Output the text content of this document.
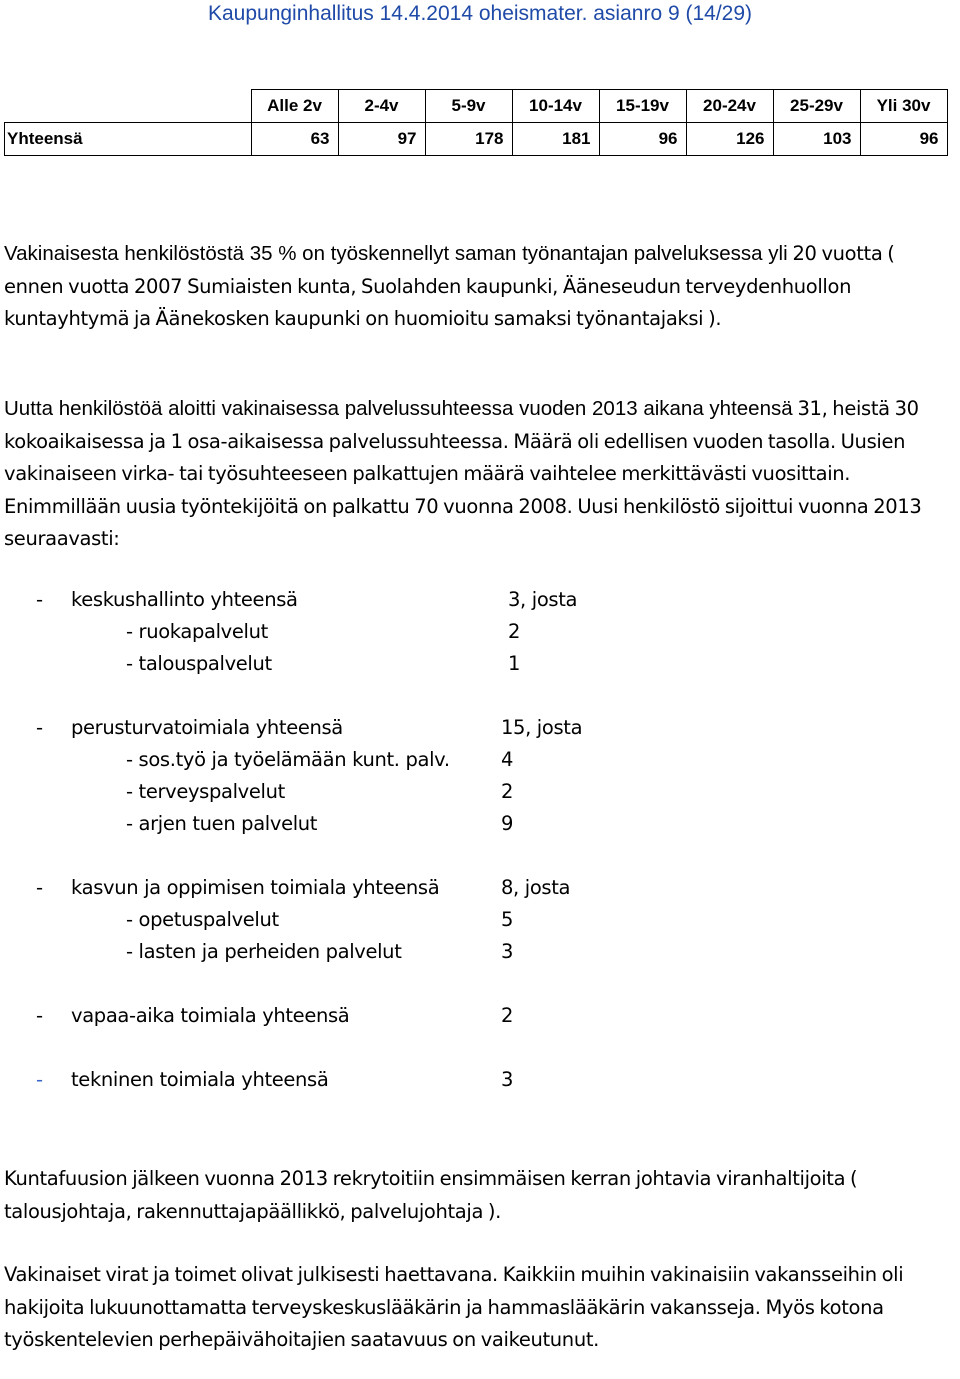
Kaupunginhallitus 14.4.2014 oheismater. asianro 9 (14/29)
	Alle 2v	2-4v	5-9v	10-14v	15-19v	20-24v	25-29v	Yli 30v
Yhteensä	63	97	178	181	96	126	103	96
Vakinaisesta henkilöstöstä 35 % on työskennellyt saman työnantajan palveluksessa yli 20 vuotta ( ennen vuotta 2007 Sumiaisten kunta, Suolahden kaupunki, Ääneseudun terveydenhuollon kuntayhtymä ja Äänekosken kaupunki on huomioitu samaksi työnantajaksi ).
Uutta henkilöstöä aloitti vakinaisessa palvelussuhteessa vuoden 2013 aikana yhteensä 31, heistä 30 kokoaikaisessa ja 1 osa-aikaisessa palvelussuhteessa. Määrä oli edellisen vuoden tasolla. Uusien vakinaiseen virka- tai työsuhteeseen palkattujen määrä vaihtelee merkittävästi vuosittain. Enimmillään uusia työntekijöitä on palkattu 70 vuonna 2008. Uusi henkilöstö sijoittui vuonna 2013 seuraavasti:
- keskushallinto yhteensä	3, josta
- ruokapalvelut	2
- talouspalvelut	1
- perusturvatoimiala yhteensä	15, josta
- sos.työ ja työelämään kunt. palv.	4
- terveyspalvelut	2
- arjen tuen palvelut	9
- kasvun ja oppimisen toimiala yhteensä	8, josta
- opetuspalvelut	5
- lasten ja perheiden palvelut	3
- vapaa-aika toimiala yhteensä	2
- tekninen toimiala yhteensä	3
Kuntafuusion jälkeen vuonna 2013 rekrytoitiin ensimmäisen kerran johtavia viranhaltijoita ( talousjohtaja, rakennuttajapäällikkö, palvelujohtaja ).
Vakinaiset virat ja toimet olivat julkisesti haettavana. Kaikkiin muihin vakinaisiin vakansseihin oli hakijoita lukuunottamatta terveyskeskuslääkärin ja hammaslääkärin vakansseja. Myös kotona työskentelevien perhepäivähoitajien saatavuus on vaikeutunut.
